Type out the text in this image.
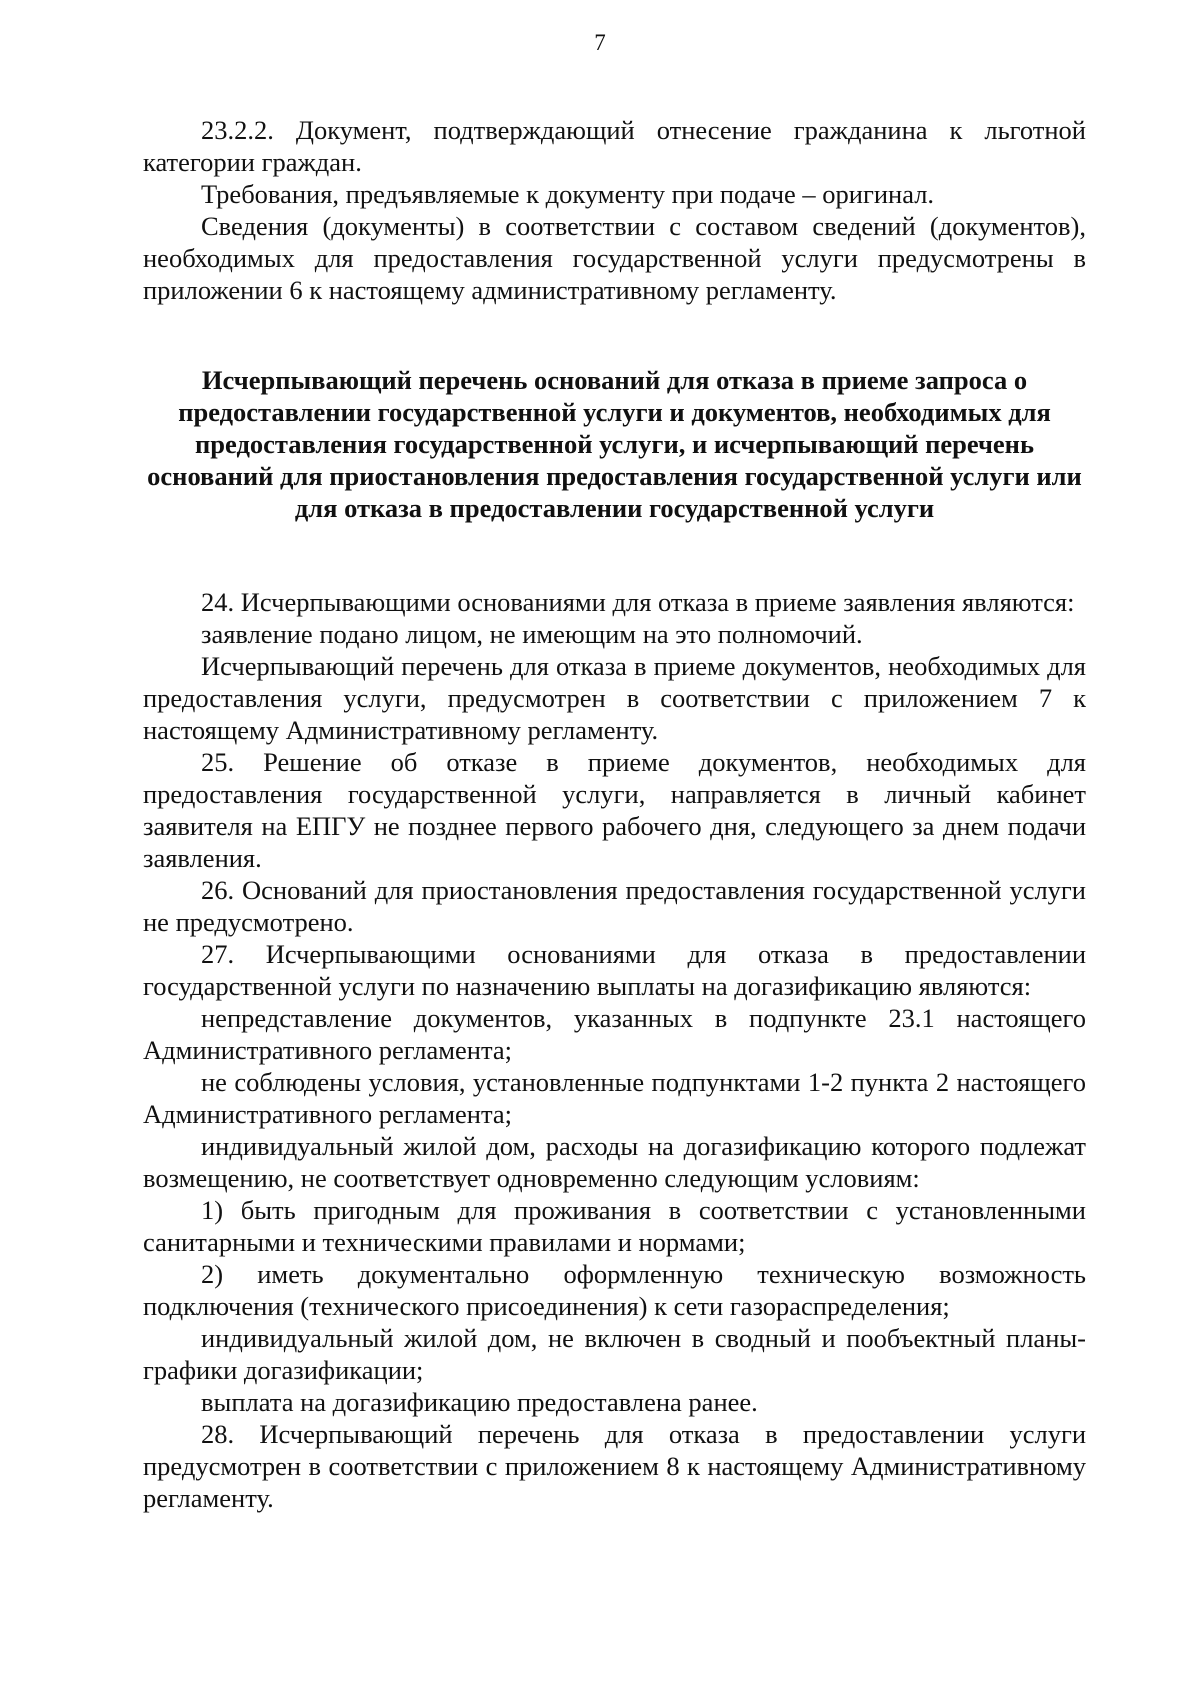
7

23.2.2. Документ, подтверждающий отнесение гражданина к льготной категории граждан.

Требования, предъявляемые к документу при подаче – оригинал.

Сведения (документы) в соответствии с составом сведений (документов), необходимых для предоставления государственной услуги предусмотрены в приложении 6 к настоящему административному регламенту.

Исчерпывающий перечень оснований для отказа в приеме запроса о предоставлении государственной услуги и документов, необходимых для предоставления государственной услуги, и исчерпывающий перечень оснований для приостановления предоставления государственной услуги или для отказа в предоставлении государственной услуги

24. Исчерпывающими основаниями для отказа в приеме заявления являются:

заявление подано лицом, не имеющим на это полномочий.

Исчерпывающий перечень для отказа в приеме документов, необходимых для предоставления услуги, предусмотрен в соответствии с приложением 7 к настоящему Административному регламенту.

25. Решение об отказе в приеме документов, необходимых для предоставления государственной услуги, направляется в личный кабинет заявителя на ЕПГУ не позднее первого рабочего дня, следующего за днем подачи заявления.

26. Оснований для приостановления предоставления государственной услуги не предусмотрено.

27. Исчерпывающими основаниями для отказа в предоставлении государственной услуги по назначению выплаты на догазификацию являются:

непредставление документов, указанных в подпункте 23.1 настоящего Административного регламента;

не соблюдены условия, установленные подпунктами 1-2 пункта 2 настоящего Административного регламента;

индивидуальный жилой дом, расходы на догазификацию которого подлежат возмещению, не соответствует одновременно следующим условиям:

1) быть пригодным для проживания в соответствии с установленными санитарными и техническими правилами и нормами;

2) иметь документально оформленную техническую возможность подключения (технического присоединения) к сети газораспределения;

индивидуальный жилой дом, не включен в сводный и пообъектный планы-графики догазификации;

выплата на догазификацию предоставлена ранее.

28. Исчерпывающий перечень для отказа в предоставлении услуги предусмотрен в соответствии с приложением 8 к настоящему Административному регламенту.
